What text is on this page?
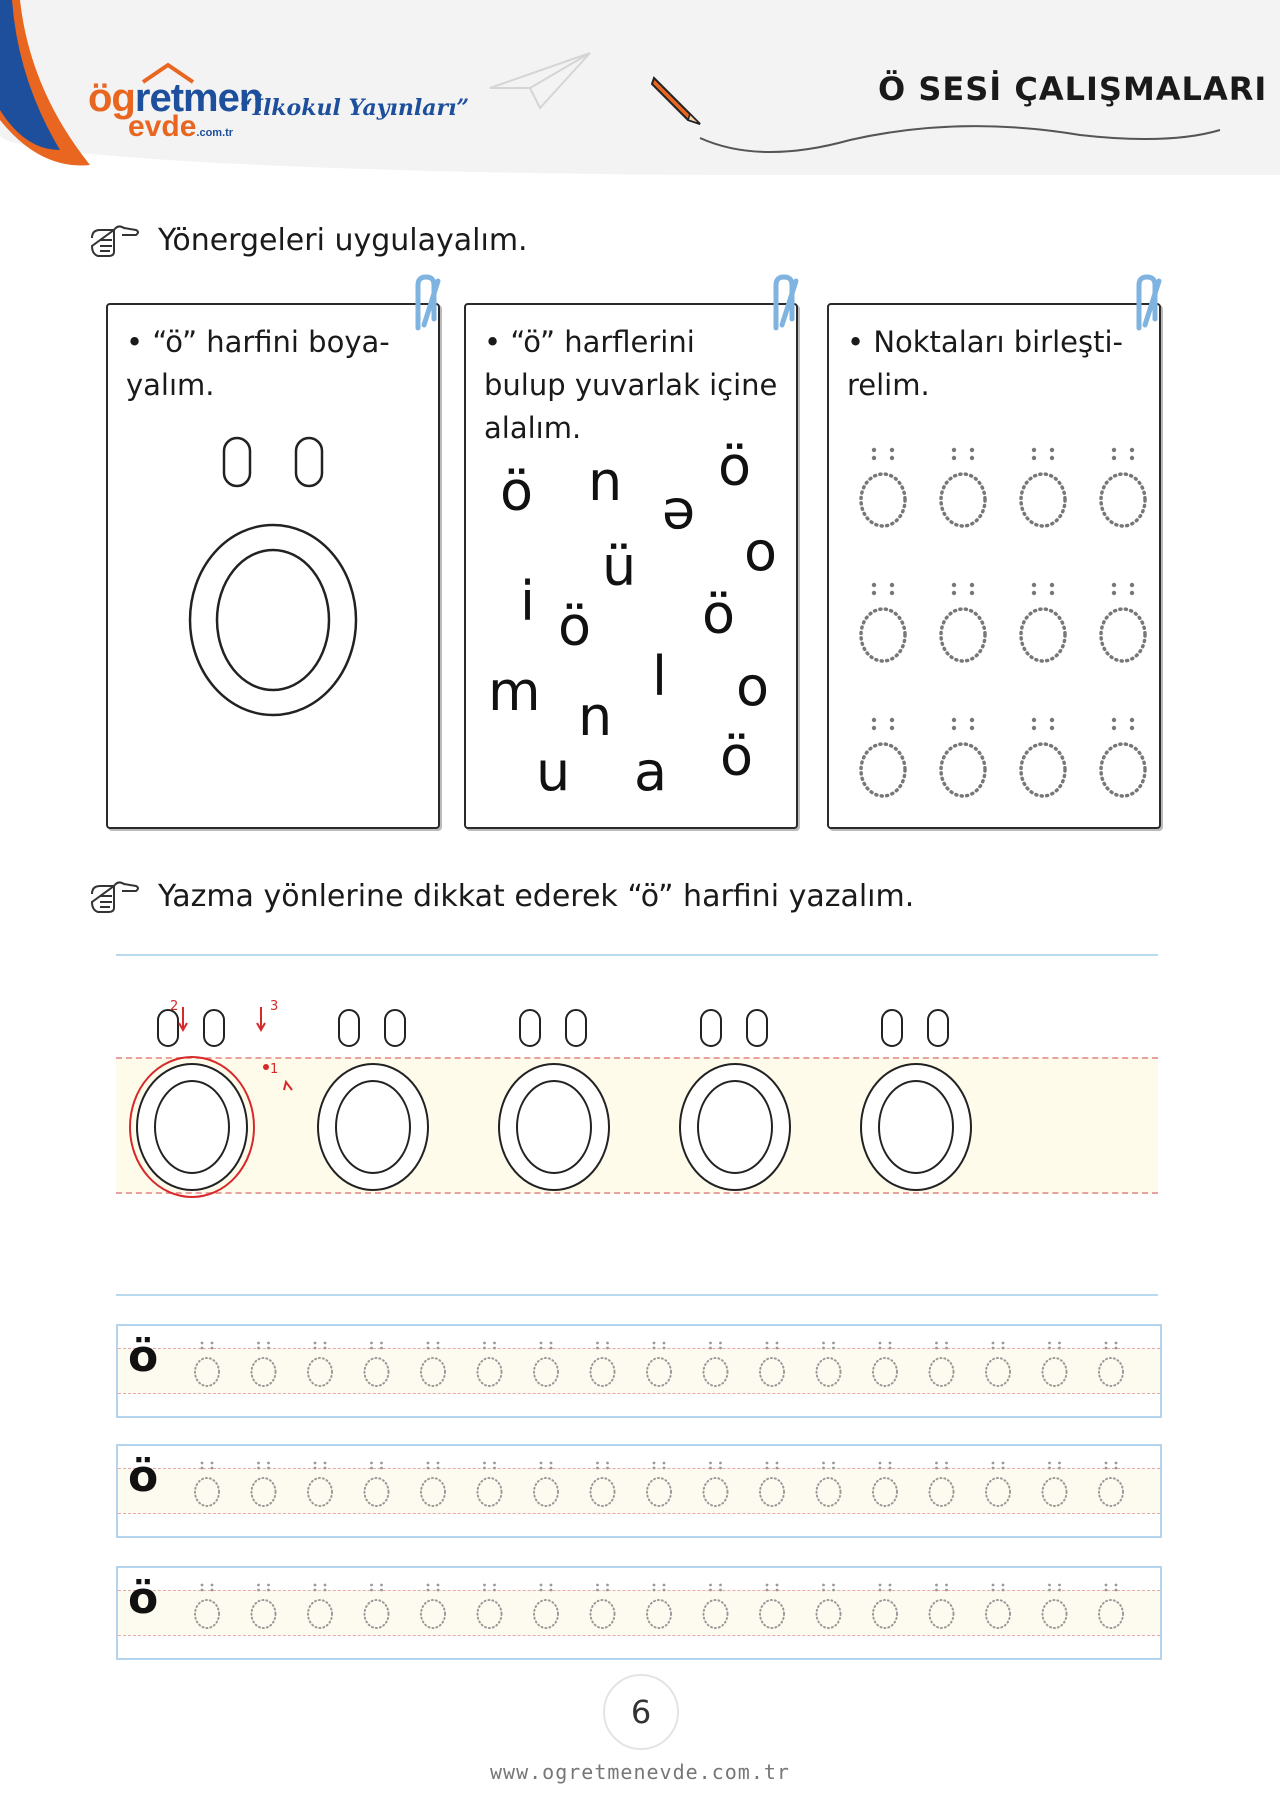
ögretmen
evde.com.tr
“İlkokul Yayınları”	Ö SESİ ÇALIŞMALARI
Yönergeleri uygulayalım.
• “ö” harfini boya- yalım.
• “ö” harflerini bulup yuvarlak içine alalım.
ö n ö
e
o
i
ü
ö ö
m n
l o
u a ö
• Noktaları birleşti- relim.
Yazma yönlerine dikkat ederek “ö” harfini yazalım.
2	3
1
ö
ö
ö
6
www.ogretmenevde.com.tr
